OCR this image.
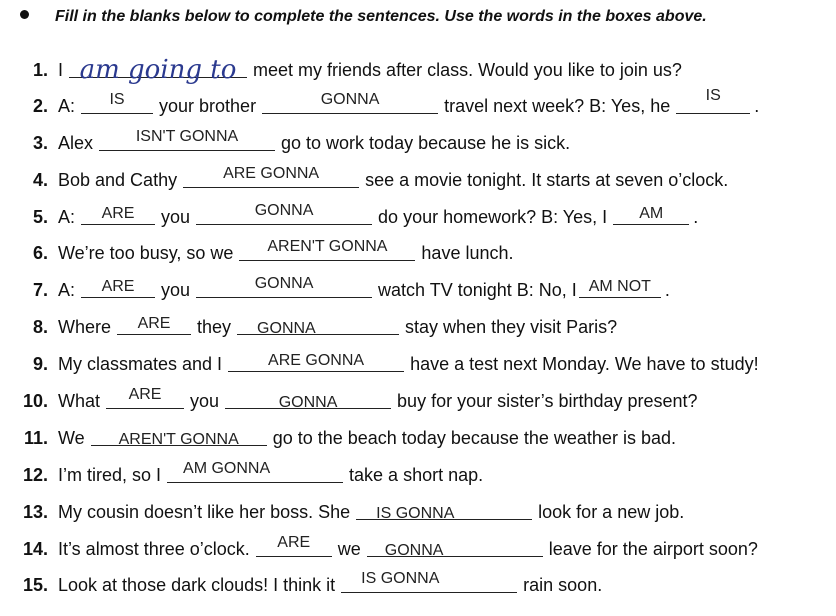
Fill in the blanks below to complete the sentences. Use the words in the boxes above.
1. I am going to meet my friends after class. Would you like to join us?
2. A:	IS	your brother	GONNA	travel next week? B: Yes, he
IS
.
3. Alex	ISN'T GONNA	go to work today because he is sick.
4. Bob and Cathy	ARE GONNA	see a movie tonight. It starts at seven o’clock.
5. A:	ARE	you	GONNA	do your homework? B: Yes, I	AM	.
6. We’re too busy, so we	AREN'T GONNA	have lunch.
7. A:	ARE	you	GONNA	watch TV tonight B: No, I AM NOT .
8. Where	ARE	they GONNA	stay when they visit Paris?
9. My classmates and I	ARE GONNA	have a test next Monday. We have to study!
10. What	ARE	you	GONNA	buy for your sister’s birthday present?
11. We	AREN'T GONNA	go to the beach today because the weather is bad.
12. I’m tired, so I AM GONNA	take a short nap.
13. My cousin doesn’t like her boss. She IS GONNA	look for a new job.
14. It’s almost three o’clock.	ARE	we GONNA	leave for the airport soon?
15. Look at those dark clouds! I think it IS GONNA	rain soon.
